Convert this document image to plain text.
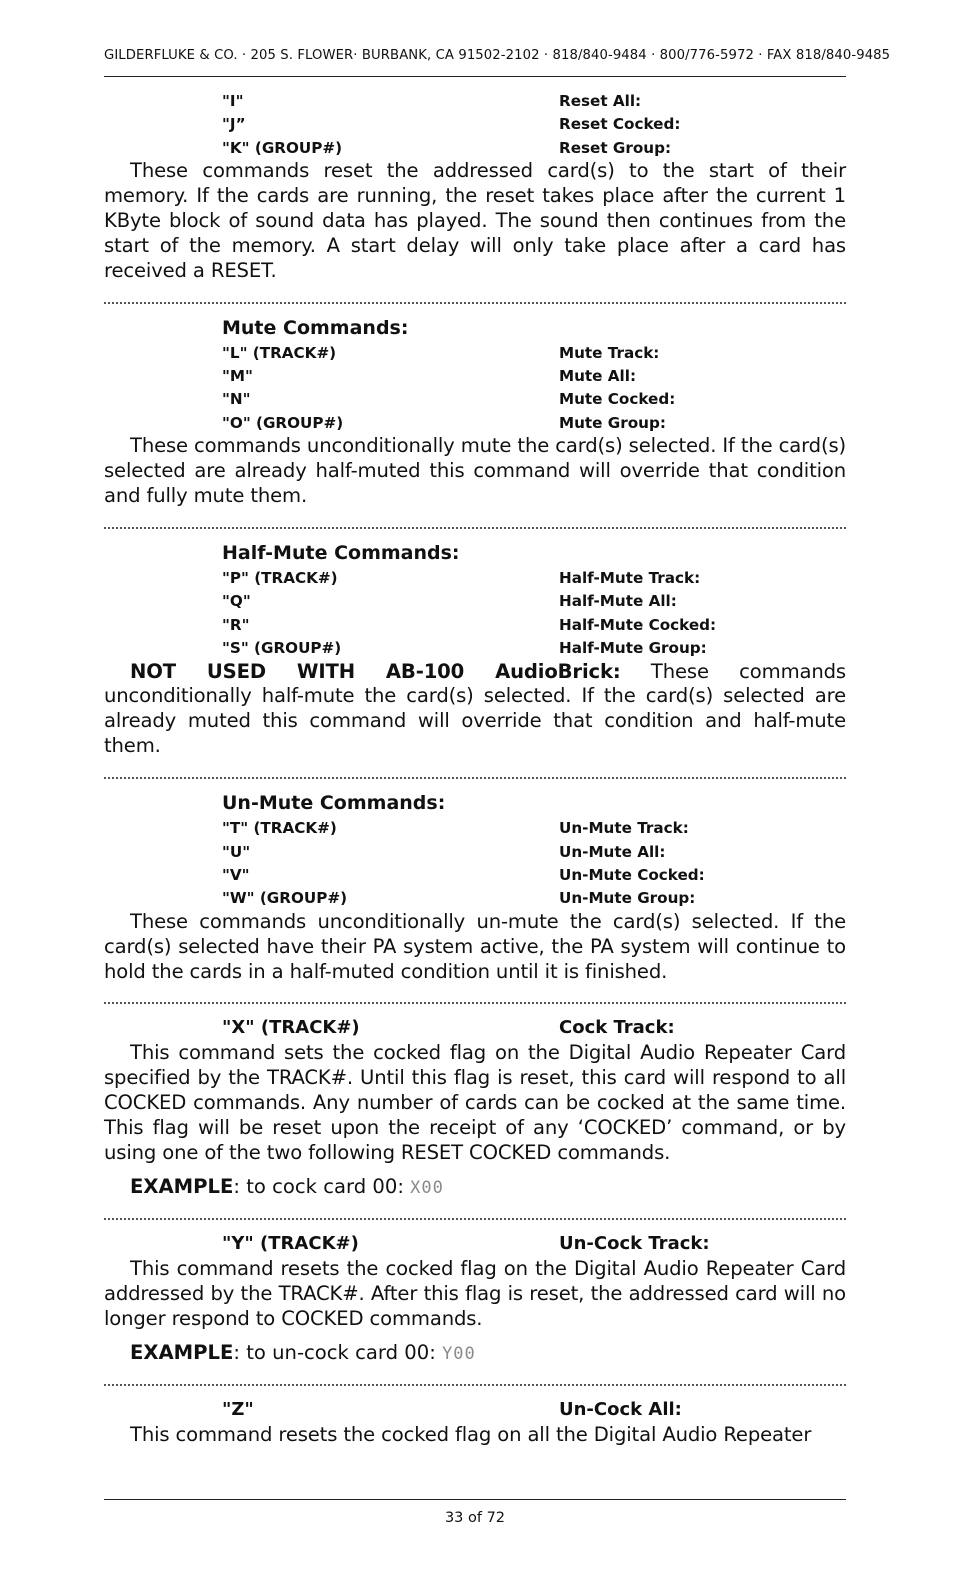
GILDERFLUKE & CO. · 205 S. FLOWER· BURBANK, CA 91502-2102 · 818/840-9484 · 800/776-5972 · FAX 818/840-9485
"I"	Reset All:
"J”	Reset Cocked:
"K" (GROUP#)	Reset Group:

These commands reset the addressed card(s) to the start of their memory. If the cards are running, the reset takes place after the current 1 KByte block of sound data has played. The sound then continues from the start of the memory. A start delay will only take place after a card has received a RESET.

Mute Commands:
"L" (TRACK#)	Mute Track:
"M"	Mute All:
"N"	Mute Cocked:
"O" (GROUP#)	Mute Group:

These commands unconditionally mute the card(s) selected. If the card(s) selected are already half-muted this command will override that condition and fully mute them.

Half-Mute Commands:
"P" (TRACK#)	Half-Mute Track:
"Q"	Half-Mute All:
"R"	Half-Mute Cocked:
"S" (GROUP#)	Half-Mute Group:

NOT USED WITH AB-100 AudioBrick: These commands unconditionally half-mute the card(s) selected. If the card(s) selected are already muted this command will override that condition and half-mute them.

Un-Mute Commands:
"T" (TRACK#)	Un-Mute Track:
"U"	Un-Mute All:
"V"	Un-Mute Cocked:
"W" (GROUP#)	Un-Mute Group:

These commands unconditionally un-mute the card(s) selected. If the card(s) selected have their PA system active, the PA system will continue to hold the cards in a half-muted condition until it is finished.

"X" (TRACK#)	Cock Track:

This command sets the cocked flag on the Digital Audio Repeater Card specified by the TRACK#. Until this flag is reset, this card will respond to all COCKED commands. Any number of cards can be cocked at the same time. This flag will be reset upon the receipt of any ‘COCKED’ command, or by using one of the two following RESET COCKED commands.

EXAMPLE: to cock card 00: X00
"Y" (TRACK#)	Un-Cock Track:

This command resets the cocked flag on the Digital Audio Repeater Card addressed by the TRACK#. After this flag is reset, the addressed card will no longer respond to COCKED commands.

EXAMPLE: to un-cock card 00: Y00
"Z"	Un-Cock All:

This command resets the cocked flag on all the Digital Audio Repeater

33 of 72
